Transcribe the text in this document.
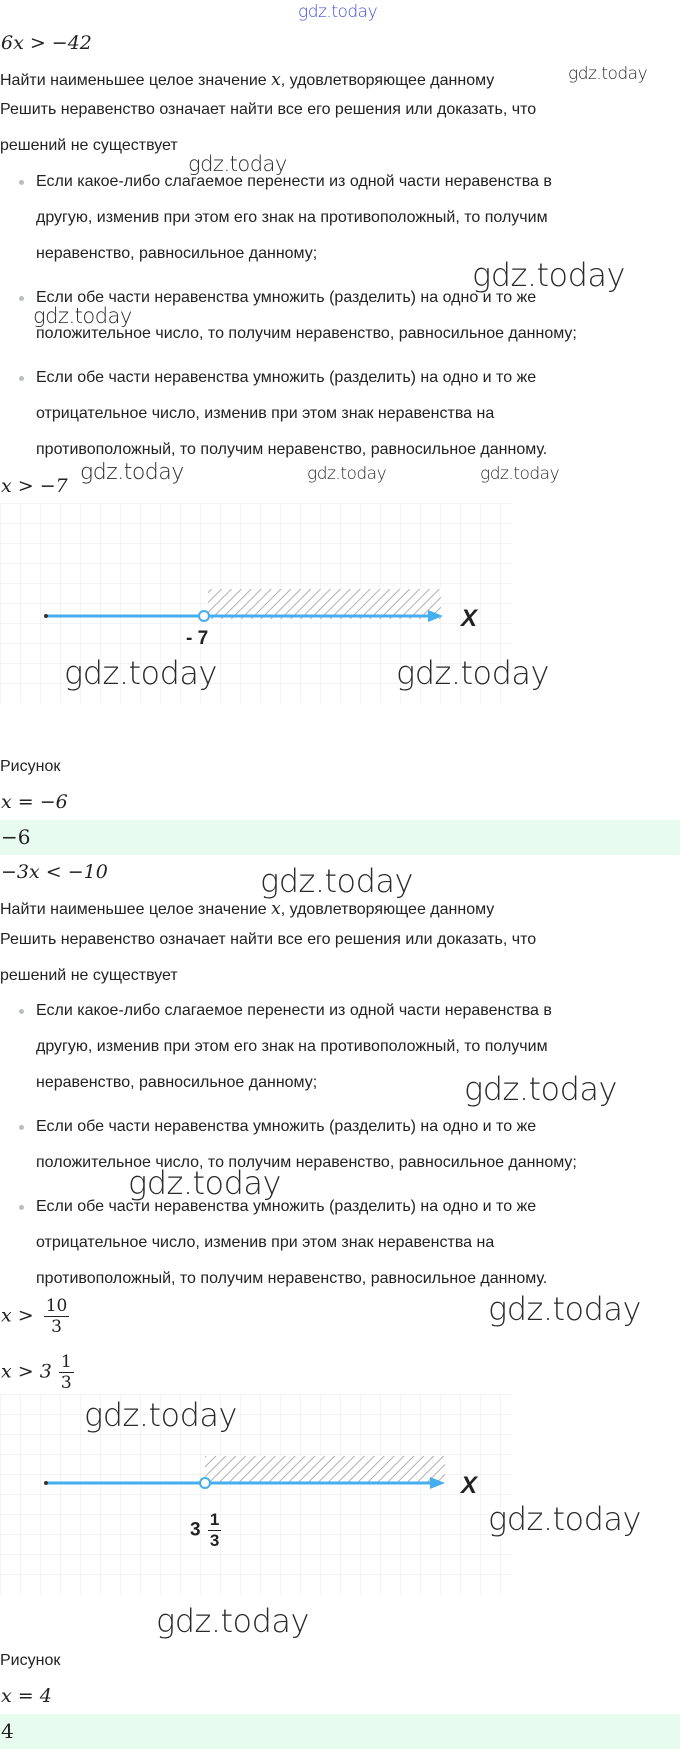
gdz.today
6x > −42
Найти наименьшее целое значение x, удовлетворяющее данному	gdz.today
Решить неравенство означает найти все его решения или доказать, что
решений не существует
Если какое-либо слагаемое перенести из одной части неравенства в
другую, изменив при этом его знак на противоположный, то получим
неравенство, равносильное данному;
Если обе части неравенства умножить (разделить) на одно и то же
положительное число, то получим неравенство, равносильное данному;
Если обе части неравенства умножить (разделить) на одно и то же
отрицательное число, изменив при этом знак неравенства на
противоположный, то получим неравенство, равносильное данному.
gdz.today
gdz.today
gdz.today
x > −7
gdz.today	gdz.today	gdz.today
- 7
X
gdz.today	gdz.today
Рисунок
x = −6
−6
−3x < −10	gdz.today
Найти наименьшее целое значение x, удовлетворяющее данному
Решить неравенство означает найти все его решения или доказать, что
решений не существует
Если какое-либо слагаемое перенести из одной части неравенства в
другую, изменив при этом его знак на противоположный, то получим
неравенство, равносильное данному;
Если обе части неравенства умножить (разделить) на одно и то же
положительное число, то получим неравенство, равносильное данному;
Если обе части неравенства умножить (разделить) на одно и то же
отрицательное число, изменив при этом знак неравенства на
противоположный, то получим неравенство, равносильное данному.
gdz.today
gdz.today
gdz.today
$x > \frac{10}{3}$
$x > 3 \frac{1}{3}$
$3 \frac{1}{3}$
X
gdz.today
gdz.today
gdz.today
Рисунок
x = 4
4
